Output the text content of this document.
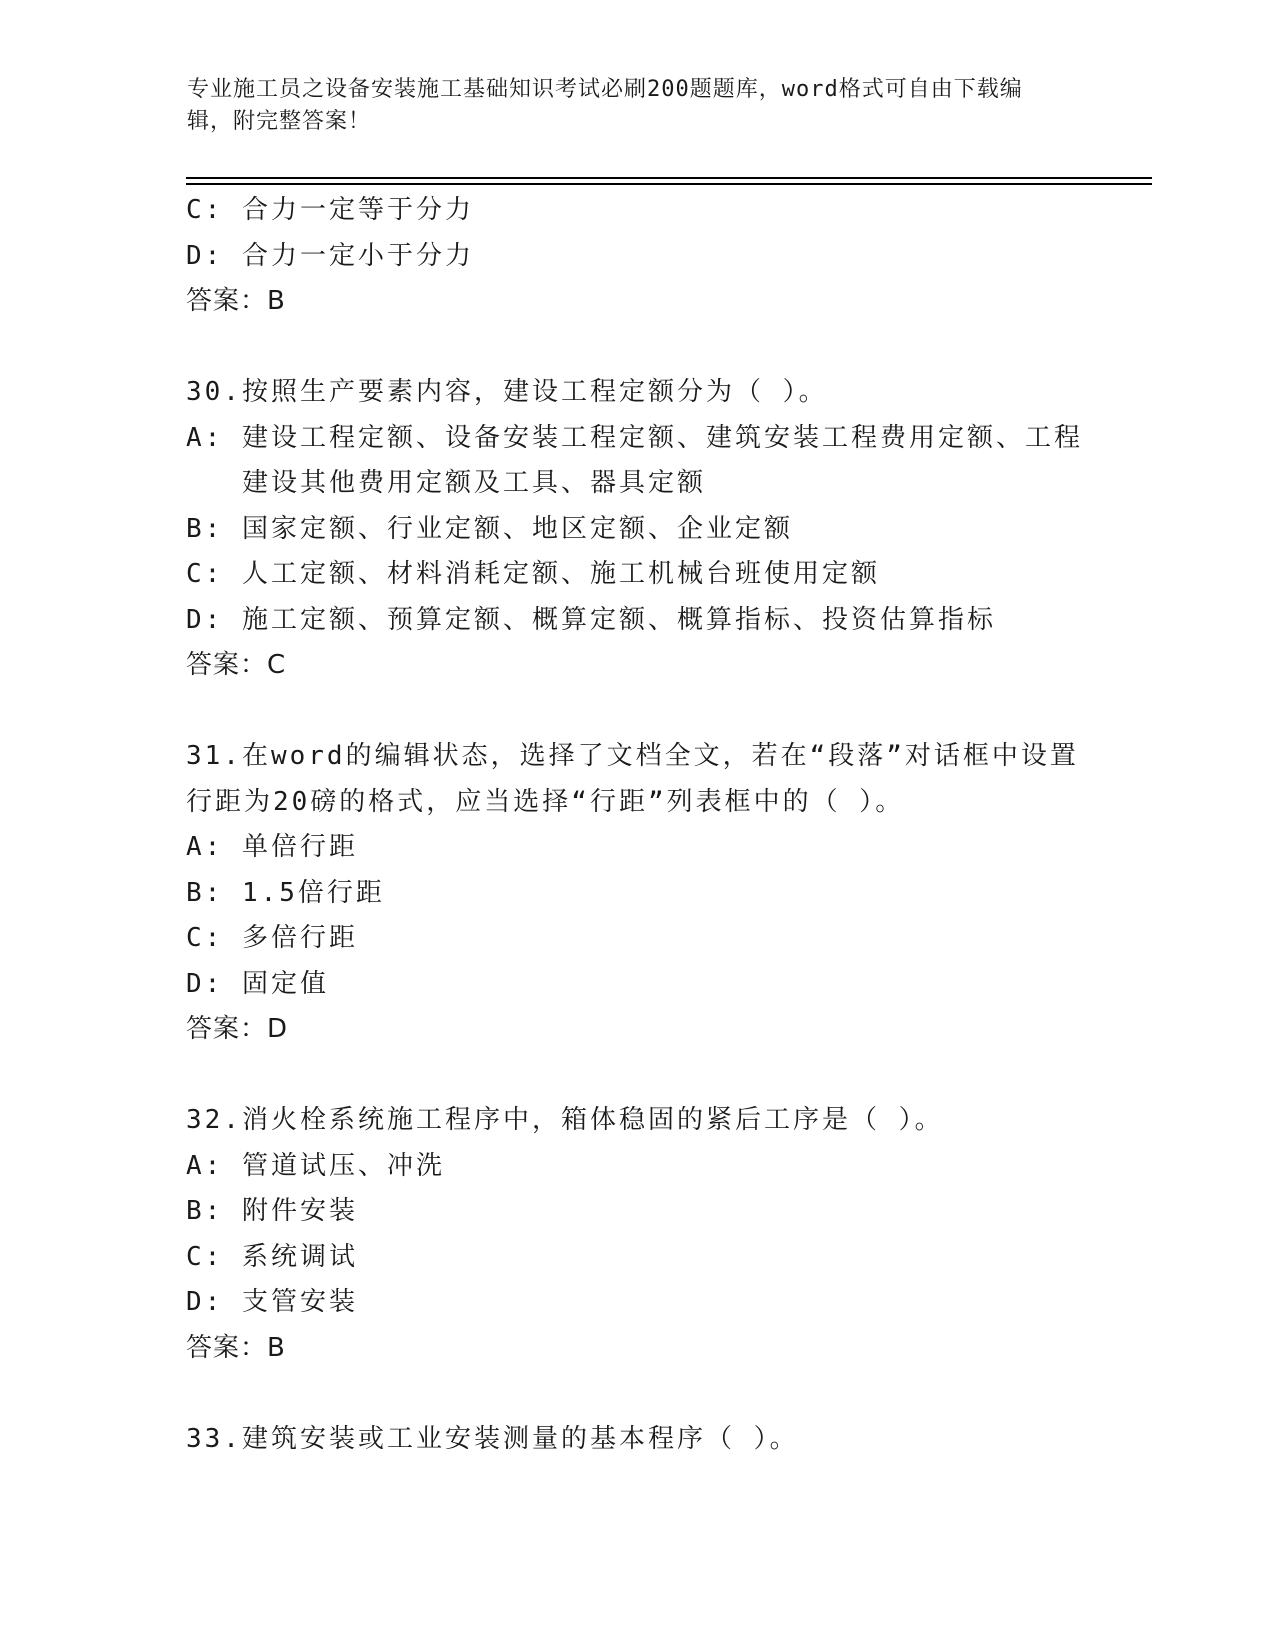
专业施工员之设备安装施工基础知识考试必刷200题题库，word格式可自由下载编辑，附完整答案！
C : 合力一定等于分力
D : 合力一定小于分力
答案：B
30.按照生产要素内容，建设工程定额分为（ ）。
A : 建设工程定额、设备安装工程定额、建筑安装工程费用定额、工程建设其他费用定额及工具、器具定额
B : 国家定额、行业定额、地区定额、企业定额
C : 人工定额、材料消耗定额、施工机械台班使用定额
D : 施工定额、预算定额、概算定额、概算指标、投资估算指标
答案：C
31.在word的编辑状态，选择了文档全文，若在“段落”对话框中设置行距为20磅的格式，应当选择“行距”列表框中的（ ）。
A : 单倍行距
B : 1.5倍行距
C : 多倍行距
D : 固定值
答案：D
32.消火栓系统施工程序中，箱体稳固的紧后工序是（ ）。
A : 管道试压、冲洗
B : 附件安装
C : 系统调试
D : 支管安装
答案：B
33.建筑安装或工业安装测量的基本程序（ ）。
